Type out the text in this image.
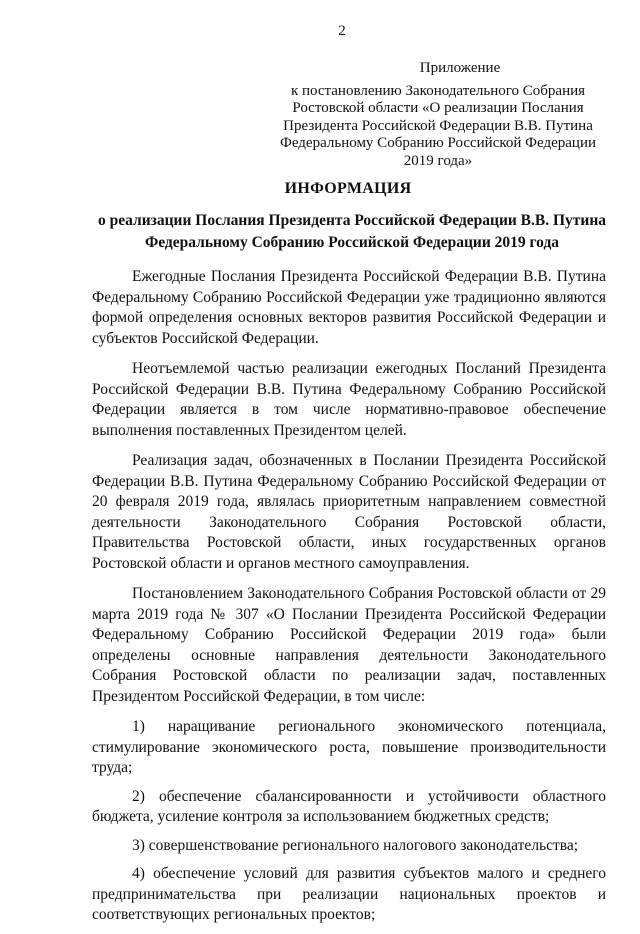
2
Приложение
к постановлению Законодательного Собрания
Ростовской области «О реализации Послания
Президента Российской Федерации В.В. Путина
Федеральному Собранию Российской Федерации
2019 года»
ИНФОРМАЦИЯ
о реализации Послания Президента Российской Федерации В.В. Путина
Федеральному Собранию Российской Федерации 2019 года

Ежегодные Послания Президента Российской Федерации В.В. Путина Федеральному Собранию Российской Федерации уже традиционно являются формой определения основных векторов развития Российской Федерации и субъектов Российской Федерации.

Неотъемлемой частью реализации ежегодных Посланий Президента Российской Федерации В.В. Путина Федеральному Собранию Российской Федерации является в том числе нормативно-правовое обеспечение выполнения поставленных Президентом целей.

Реализация задач, обозначенных в Послании Президента Российской Федерации В.В. Путина Федеральному Собранию Российской Федерации от 20 февраля 2019 года, являлась приоритетным направлением совместной деятельности Законодательного Собрания Ростовской области, Правительства Ростовской области, иных государственных органов Ростовской области и органов местного самоуправления.

Постановлением Законодательного Собрания Ростовской области от 29 марта 2019 года № 307 «О Послании Президента Российской Федерации Федеральному Собранию Российской Федерации 2019 года» были определены основные направления деятельности Законодательного Собрания Ростовской области по реализации задач, поставленных Президентом Российской Федерации, в том числе:

1) наращивание регионального экономического потенциала, стимулирование экономического роста, повышение производительности труда;

2) обеспечение сбалансированности и устойчивости областного бюджета, усиление контроля за использованием бюджетных средств;

3) совершенствование регионального налогового законодательства;

4) обеспечение условий для развития субъектов малого и среднего предпринимательства при реализации национальных проектов и соответствующих региональных проектов;
